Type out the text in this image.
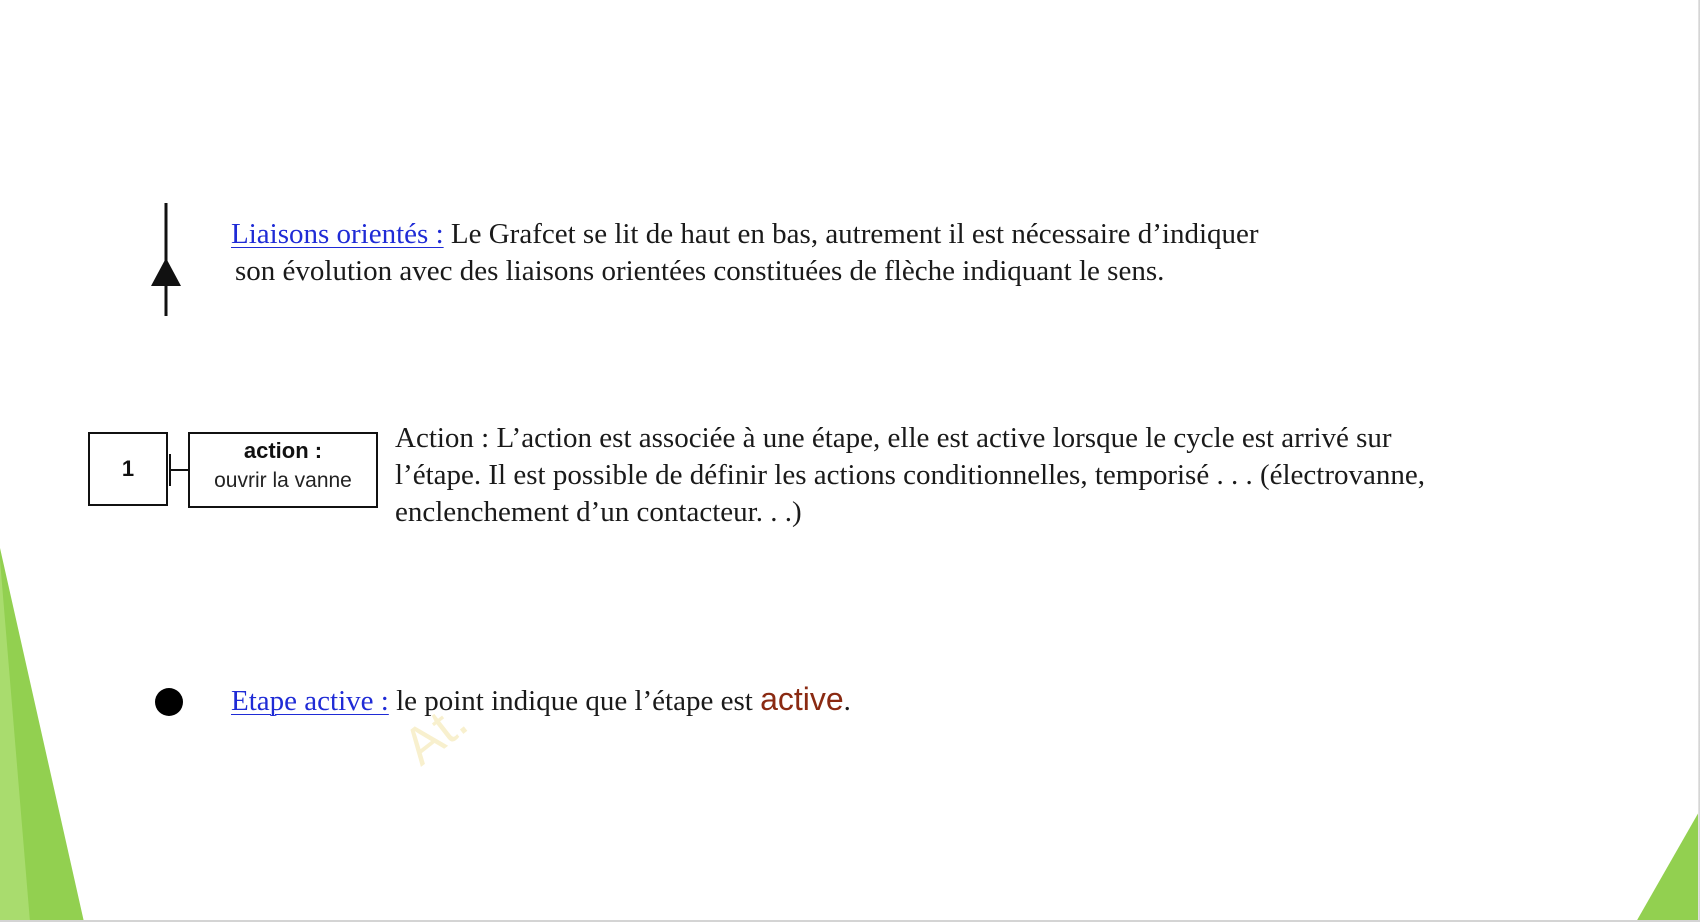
Liaisons orientés : Le Grafcet se lit de haut en bas, autrement il est nécessaire d’indiquer
son évolution avec des liaisons orientées constituées de flèche indiquant le sens.
1
action :
ouvrir la vanne
Action : L’action est associée à une étape, elle est active lorsque le cycle est arrivé sur
l’étape. Il est possible de définir les actions conditionnelles, temporisé . . . (électrovanne,
enclenchement d’un contacteur. . .)
Etape active : le point indique que l’étape est active.
At.
